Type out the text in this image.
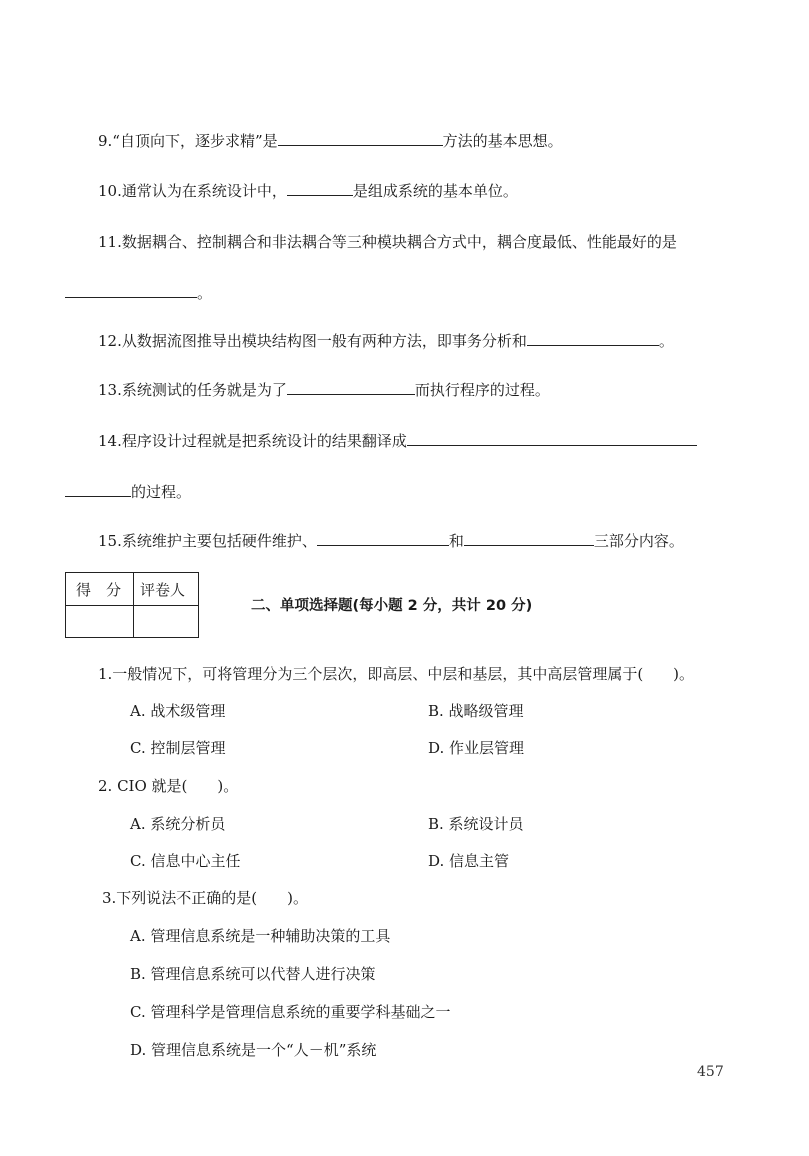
9.“自顶向下，逐步求精”是	方法的基本思想。
10.通常认为在系统设计中，	是组成系统的基本单位。
11.数据耦合、控制耦合和非法耦合等三种模块耦合方式中，耦合度最低、性能最好的是
。
12.从数据流图推导出模块结构图一般有两种方法，即事务分析和	。
13.系统测试的任务就是为了	而执行程序的过程。
14.程序设计过程就是把系统设计的结果翻译成
的过程。
15.系统维护主要包括硬件维护、	和	三部分内容。
得　分 评卷人
二、单项选择题(每小题 2 分，共计 20 分)
1.一般情况下，可将管理分为三个层次，即高层、中层和基层，其中高层管理属于(　　)。
A. 战术级管理	B. 战略级管理
C. 控制层管理	D. 作业层管理
2. CIO 就是(　　)。
A. 系统分析员	B. 系统设计员
C. 信息中心主任	D. 信息主管
3.下列说法不正确的是(　　)。
A. 管理信息系统是一种辅助决策的工具
B. 管理信息系统可以代替人进行决策
C. 管理科学是管理信息系统的重要学科基础之一
D. 管理信息系统是一个“人－机”系统
457
